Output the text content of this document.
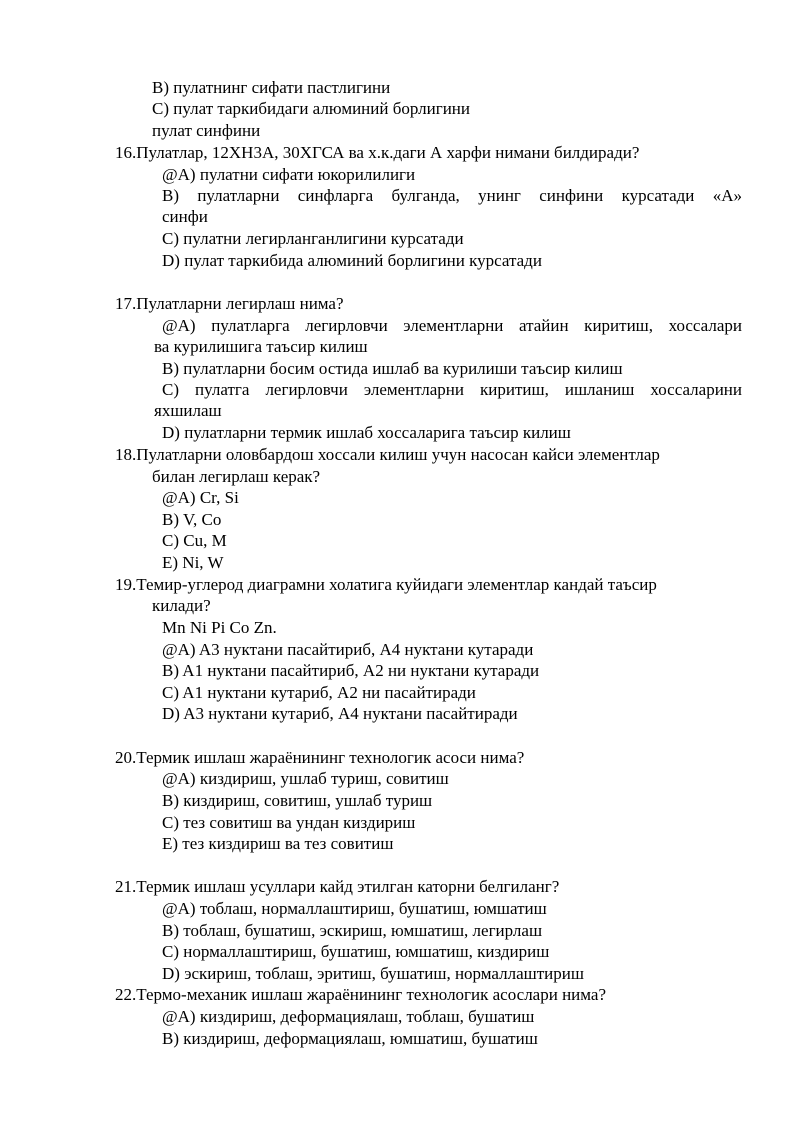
B) пулатнинг сифати пастлигини
C) пулат таркибидаги алюминий борлигини
пулат синфини
16.Пулатлар, 12ХН3А, 30ХГСА ва х.к.даги А харфи нимани билдиради?
@A) пулатни сифати юкорилилиги
B) пулатларни синфларга булганда, унинг синфини курсатади «А»
синфи
C) пулатни легирланганлигини курсатади
D) пулат таркибида алюминий борлигини курсатади
17.Пулатларни легирлаш нима?
@A) пулатларга легирловчи элементларни атайин киритиш, хоссалари
ва курилишига таъсир килиш
B) пулатларни босим остида ишлаб ва курилиши таъсир килиш
C) пулатга легирловчи элементларни киритиш, ишланиш хоссаларини
яхшилаш
D) пулатларни термик ишлаб хоссаларига таъсир килиш
18.Пулатларни оловбардош хоссали килиш учун насосан кайси элементлар
билан легирлаш керак?
@A) Cr, Si
B) V, Co
C) Cu, M
E) Ni, W
19.Темир-углерод диаграмни холатига куйидаги элементлар кандай таъсир
килади?
Mn Ni Pi Co Zn.
@A) A3 нуктани пасайтириб, A4 нуктани кутаради
B) A1 нуктани пасайтириб, A2 ни нуктани кутаради
C) A1 нуктани кутариб, A2 ни пасайтиради
D) A3 нуктани кутариб, A4 нуктани пасайтиради
20.Термик ишлаш жараёнининг технологик асоси нима?
@A) киздириш, ушлаб туриш, совитиш
B) киздириш, совитиш, ушлаб туриш
C) тез совитиш ва ундан киздириш
E) тез киздириш ва тез совитиш
21.Термик ишлаш усуллари кайд этилган каторни белгиланг?
@A) тоблаш, нормаллаштириш, бушатиш, юмшатиш
B) тоблаш, бушатиш, эскириш, юмшатиш, легирлаш
C) нормаллаштириш, бушатиш, юмшатиш, киздириш
D) эскириш, тоблаш, эритиш, бушатиш, нормаллаштириш
22.Термо-механик ишлаш жараёнининг технологик асослари нима?
@A) киздириш, деформациялаш, тоблаш, бушатиш
B) киздириш, деформациялаш, юмшатиш, бушатиш
